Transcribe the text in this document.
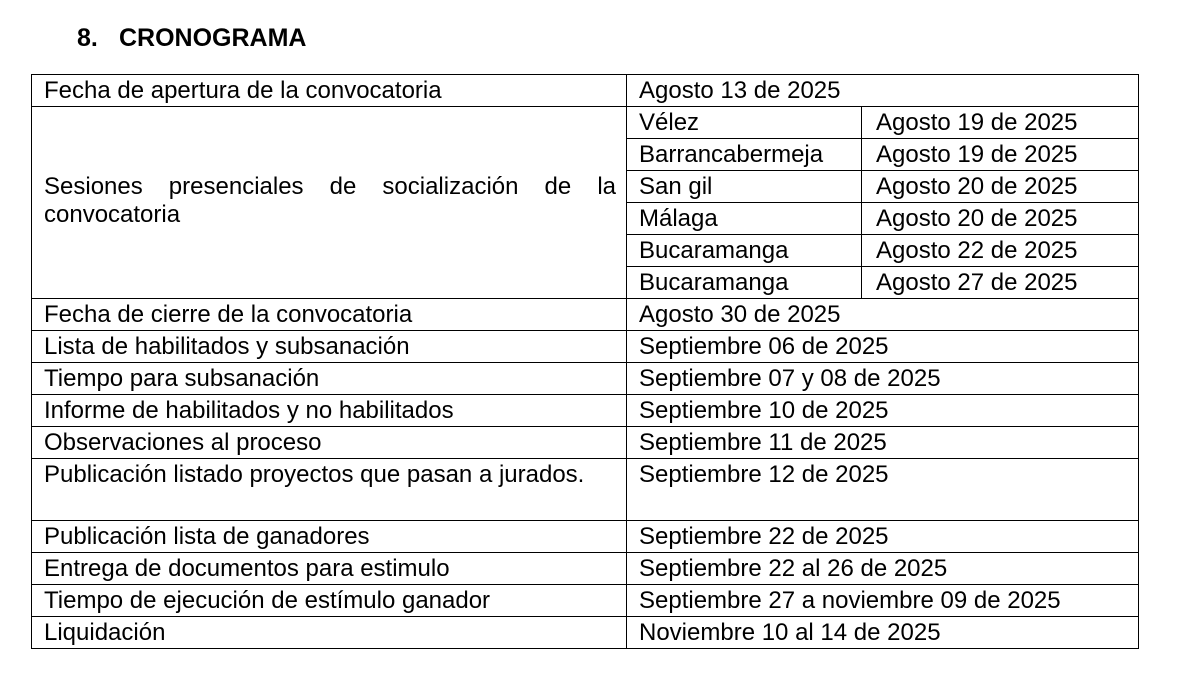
8. CRONOGRAMA
Fecha de apertura de la convocatoria	Agosto 13 de 2025	
Sesiones presenciales de socialización de la convocatoria	Vélez	Agosto 19 de 2025
	Barrancabermeja	Agosto 19 de 2025
	San gil	Agosto 20 de 2025
	Málaga	Agosto 20 de 2025
	Bucaramanga	Agosto 22 de 2025
	Bucaramanga	Agosto 27 de 2025
Fecha de cierre de la convocatoria	Agosto 30 de 2025	
Lista de habilitados y subsanación	Septiembre 06 de 2025	
Tiempo para subsanación	Septiembre 07 y 08 de 2025	
Informe de habilitados y no habilitados	Septiembre 10 de 2025	
Observaciones al proceso	Septiembre 11 de 2025	
Publicación listado proyectos que pasan a jurados.	Septiembre 12 de 2025	
Publicación lista de ganadores	Septiembre 22 de 2025	
Entrega de documentos para estimulo	Septiembre 22 al 26 de 2025	
Tiempo de ejecución de estímulo ganador	Septiembre 27 a noviembre 09 de 2025	
Liquidación	Noviembre 10 al 14 de 2025	
